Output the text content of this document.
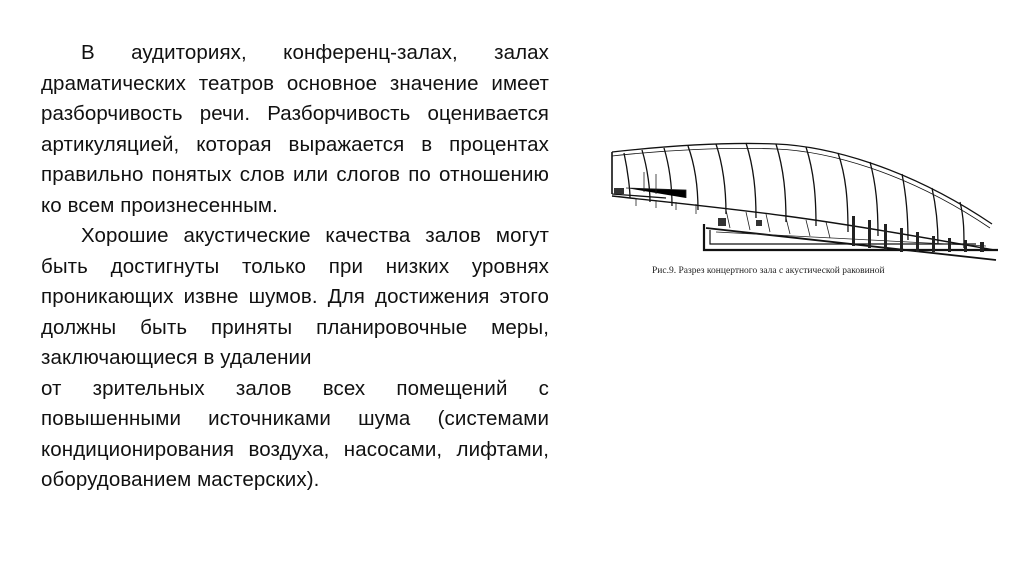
В аудиториях, конференц-залах, залах драматических театров основное значение имеет разборчивость речи. Разборчивость оценивается артикуляцией, которая выражается в процентах правильно понятых слов или слогов по отношению ко всем произнесенным.

Хорошие акустические качества залов могут быть достигнуты только при низких уровнях проникающих извне шумов. Для достижения этого должны быть приняты планировочные меры, заключающиеся в удалении

от зрительных залов всех помещений с повышенными источниками шума (системами кондиционирования воздуха, насосами, лифтами, оборудованием мастерских).

Рис.9. Разрез концертного зала с акустической раковиной
